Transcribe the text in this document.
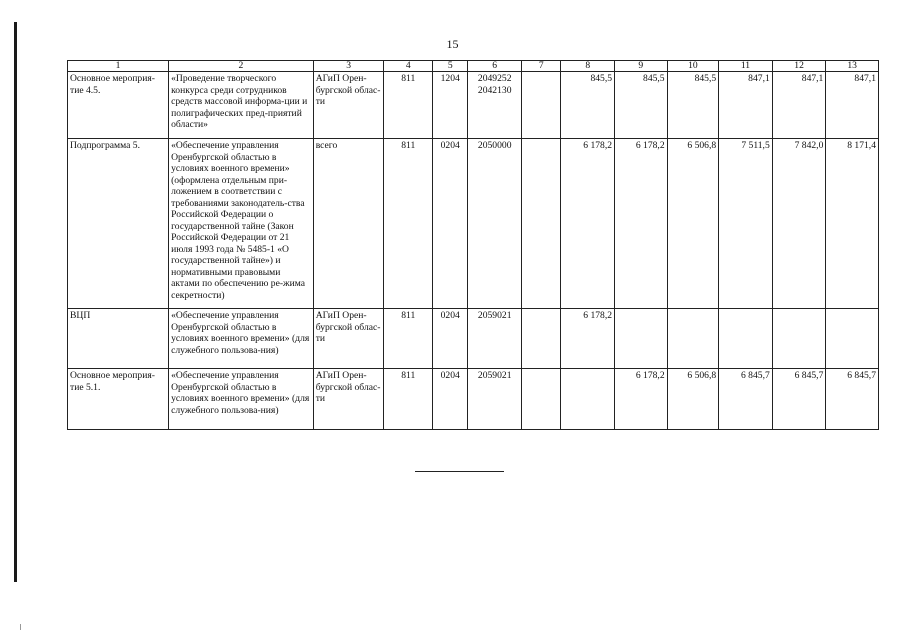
15
1	2	3	4	5	6	7	8	9	10	11	12	13
Основное мероприя-тие 4.5.	«Проведение творческого конкурса среди сотрудников средств массовой информа-ции и полиграфических пред-приятий области»	АГиП Орен-бургской облас-ти	811	1204	2049252 2042130		845,5	845,5	845,5	847,1	847,1	847,1
Подпрограмма 5.	«Обеспечение управления Оренбургской областью в условиях военного времени» (оформлена отдельным при-ложением в соответствии с требованиями законодатель-ства Российской Федерации о государственной тайне (Закон Российской Федерации от 21 июля 1993 года № 5485-1 «О государственной тайне») и нормативными правовыми актами по обеспечению ре-жима секретности)	всего	811	0204	2050000		6 178,2	6 178,2	6 506,8	7 511,5	7 842,0	8 171,4
ВЦП	«Обеспечение управления Оренбургской областью в условиях военного времени» (для служебного пользова-ния)	АГиП Орен-бургской облас-ти	811	0204	2059021		6 178,2					
Основное мероприя-тие 5.1.	«Обеспечение управления Оренбургской областью в условиях военного времени» (для служебного пользова-ния)	АГиП Орен-бургской облас-ти	811	0204	2059021			6 178,2	6 506,8	6 845,7	6 845,7	6 845,7
